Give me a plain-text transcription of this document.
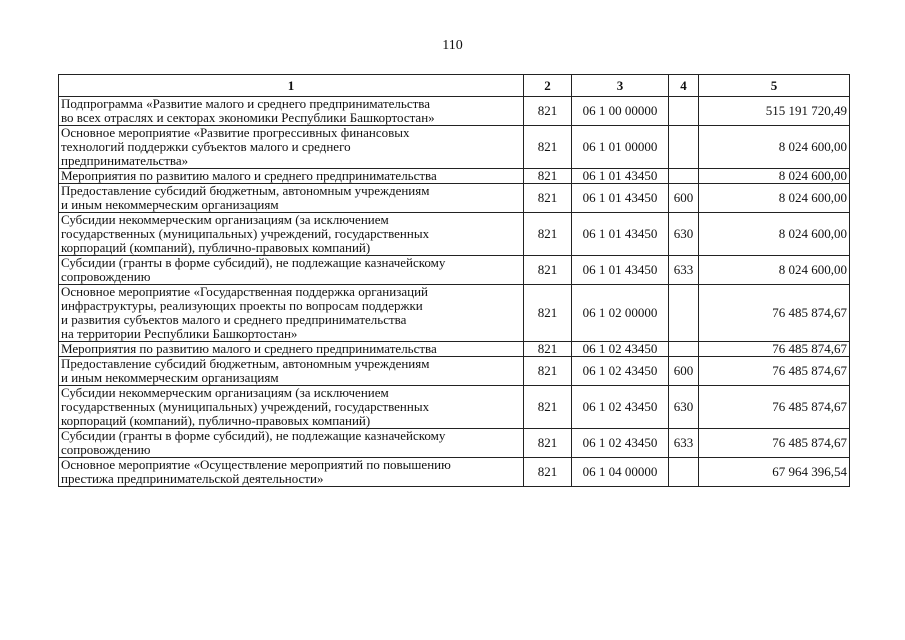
110
1	2	3	4	5
Подпрограмма «Развитие малого и среднего предпринимательства
во всех отраслях и секторах экономики Республики Башкортостан»	821	06 1 00 00000		515 191 720,49
Основное мероприятие «Развитие прогрессивных финансовых
технологий поддержки субъектов малого и среднего
предпринимательства»	821	06 1 01 00000		8 024 600,00
Мероприятия по развитию малого и среднего предпринимательства	821	06 1 01 43450		8 024 600,00
Предоставление субсидий бюджетным, автономным учреждениям
и иным некоммерческим организациям	821	06 1 01 43450	600	8 024 600,00
Субсидии некоммерческим организациям (за исключением
государственных (муниципальных) учреждений, государственных
корпораций (компаний), публично-правовых компаний)	821	06 1 01 43450	630	8 024 600,00
Субсидии (гранты в форме субсидий), не подлежащие казначейскому
сопровождению	821	06 1 01 43450	633	8 024 600,00
Основное мероприятие «Государственная поддержка организаций
инфраструктуры, реализующих проекты по вопросам поддержки
и развития субъектов малого и среднего предпринимательства
на территории Республики Башкортостан»	821	06 1 02 00000		76 485 874,67
Мероприятия по развитию малого и среднего предпринимательства	821	06 1 02 43450		76 485 874,67
Предоставление субсидий бюджетным, автономным учреждениям
и иным некоммерческим организациям	821	06 1 02 43450	600	76 485 874,67
Субсидии некоммерческим организациям (за исключением
государственных (муниципальных) учреждений, государственных
корпораций (компаний), публично-правовых компаний)	821	06 1 02 43450	630	76 485 874,67
Субсидии (гранты в форме субсидий), не подлежащие казначейскому
сопровождению	821	06 1 02 43450	633	76 485 874,67
Основное мероприятие «Осуществление мероприятий по повышению
престижа предпринимательской деятельности»	821	06 1 04 00000		67 964 396,54
